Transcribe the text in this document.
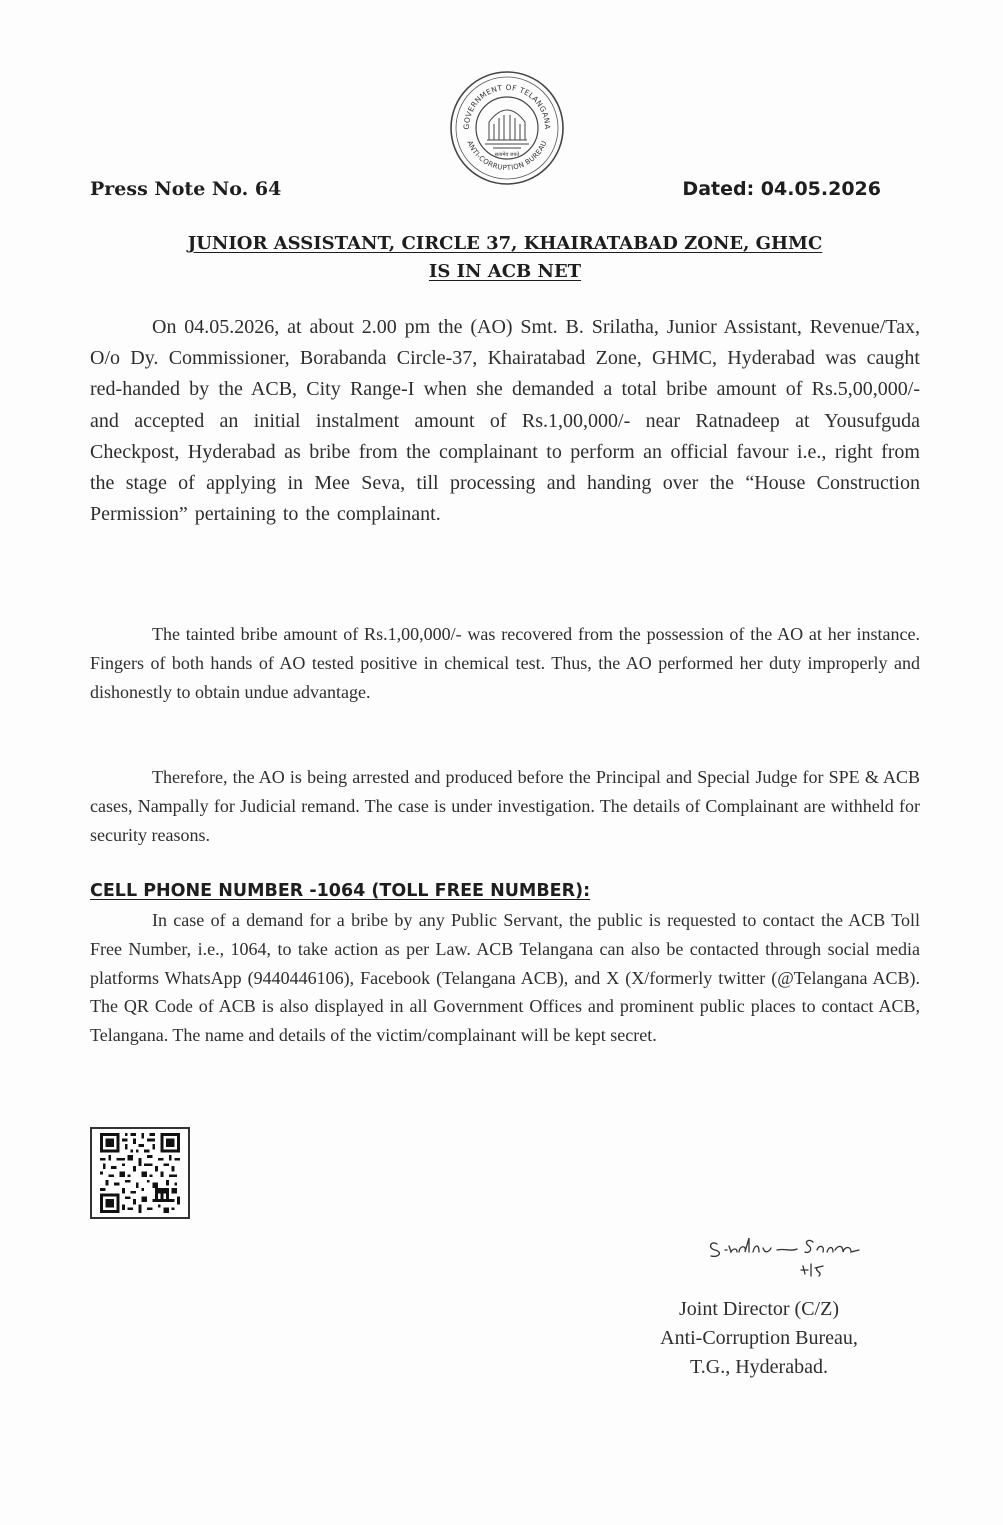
GOVERNMENT OF TELANGANA
ANTI-CORRUPTION BUREAU
सत्यमेव जयते
Press Note No. 64	Dated: 04.05.2026
JUNIOR ASSISTANT, CIRCLE 37, KHAIRATABAD ZONE, GHMC
IS IN ACB NET

On 04.05.2026, at about 2.00 pm the (AO) Smt. B. Srilatha, Junior Assistant, Revenue/Tax, O/o Dy. Commissioner, Borabanda Circle-37, Khairatabad Zone, GHMC, Hyderabad was caught red-handed by the ACB, City Range-I when she demanded a total bribe amount of Rs.5,00,000/- and accepted an initial instalment amount of Rs.1,00,000/- near Ratnadeep at Yousufguda Checkpost, Hyderabad as bribe from the complainant to perform an official favour i.e., right from the stage of applying in Mee Seva, till processing and handing over the “House Construction Permission” pertaining to the complainant.

The tainted bribe amount of Rs.1,00,000/- was recovered from the possession of the AO at her instance. Fingers of both hands of AO tested positive in chemical test. Thus, the AO performed her duty improperly and dishonestly to obtain undue advantage.

Therefore, the AO is being arrested and produced before the Principal and Special Judge for SPE & ACB cases, Nampally for Judicial remand. The case is under investigation. The details of Complainant are withheld for security reasons.

CELL PHONE NUMBER -1064 (TOLL FREE NUMBER):

In case of a demand for a bribe by any Public Servant, the public is requested to contact the ACB Toll Free Number, i.e., 1064, to take action as per Law. ACB Telangana can also be contacted through social media platforms WhatsApp (9440446106), Facebook (Telangana ACB), and X (X/formerly twitter (@Telangana ACB). The QR Code of ACB is also displayed in all Government Offices and prominent public places to contact ACB, Telangana. The name and details of the victim/complainant will be kept secret.

Joint Director (C/Z)
Anti-Corruption Bureau,
T.G., Hyderabad.
